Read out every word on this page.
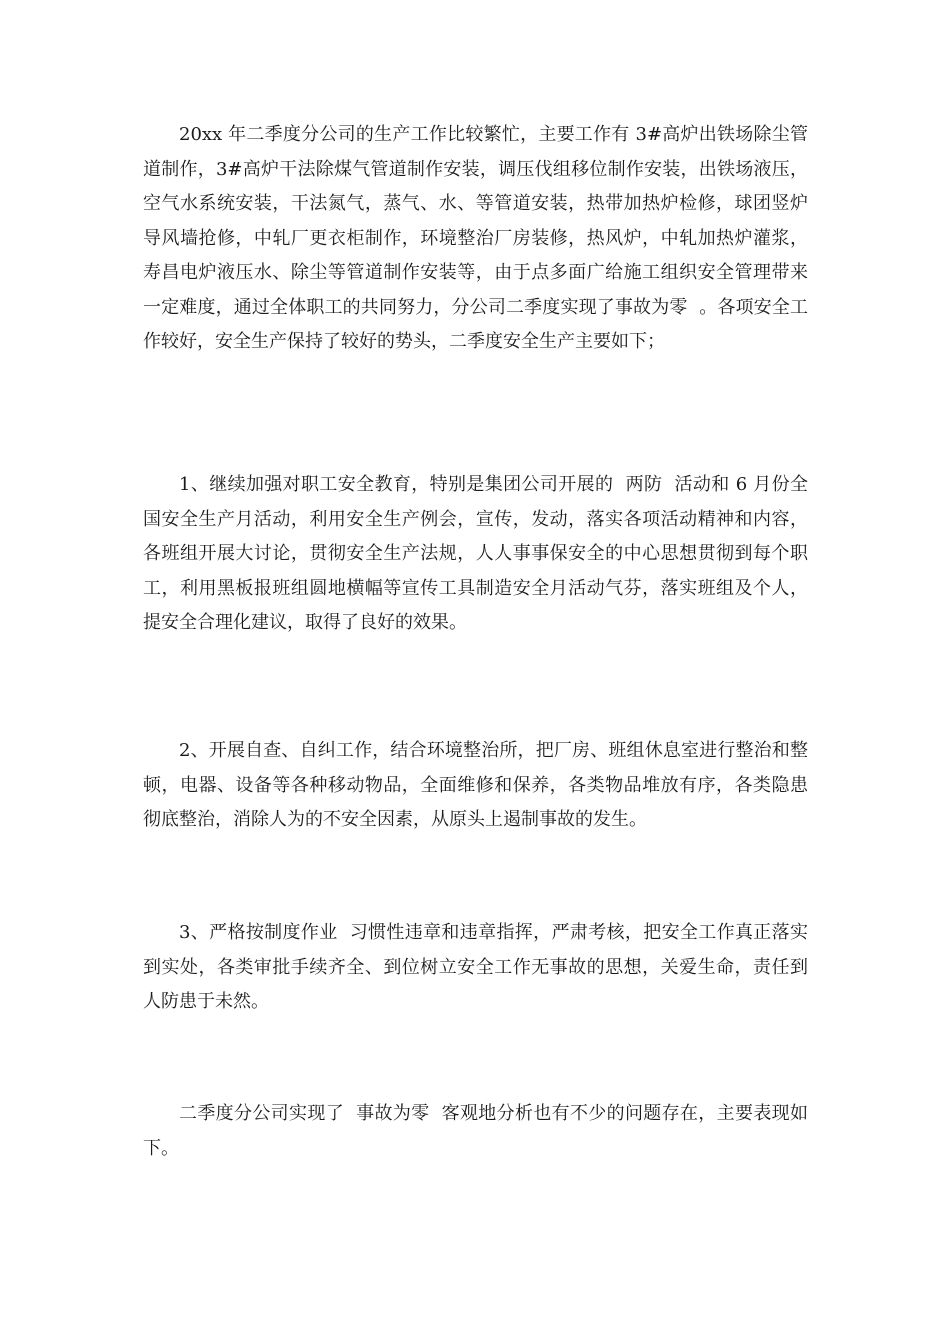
20xx 年二季度分公司的生产工作比较繁忙，主要工作有 3#高炉出铁场除尘管道制作，3#高炉干法除煤气管道制作安装，调压伐组移位制作安装，出铁场液压，空气水系统安装，干法氮气，蒸气、水、等管道安装，热带加热炉检修，球团竖炉导风墙抢修，中轧厂更衣柜制作，环境整治厂房装修，热风炉，中轧加热炉灌浆，寿昌电炉液压水、除尘等管道制作安装等，由于点多面广给施工组织安全管理带来一定难度，通过全体职工的共同努力，分公司二季度实现了事故为零  。各项安全工作较好，安全生产保持了较好的势头，二季度安全生产主要如下；

1、继续加强对职工安全教育，特别是集团公司开展的  两防  活动和 6 月份全国安全生产月活动，利用安全生产例会，宣传，发动，落实各项活动精神和内容，各班组开展大讨论，贯彻安全生产法规，人人事事保安全的中心思想贯彻到每个职工，利用黑板报班组圆地横幅等宣传工具制造安全月活动气芬，落实班组及个人，提安全合理化建议，取得了良好的效果。

2、开展自查、自纠工作，结合环境整治所，把厂房、班组休息室进行整治和整顿，电器、设备等各种移动物品，全面维修和保养，各类物品堆放有序，各类隐患彻底整治，消除人为的不安全因素，从原头上遏制事故的发生。

3、严格按制度作业  习惯性违章和违章指挥，严肃考核，把安全工作真正落实到实处，各类审批手续齐全、到位树立安全工作无事故的思想，关爱生命，责任到人防患于未然。

二季度分公司实现了  事故为零  客观地分析也有不少的问题存在，主要表现如下。
